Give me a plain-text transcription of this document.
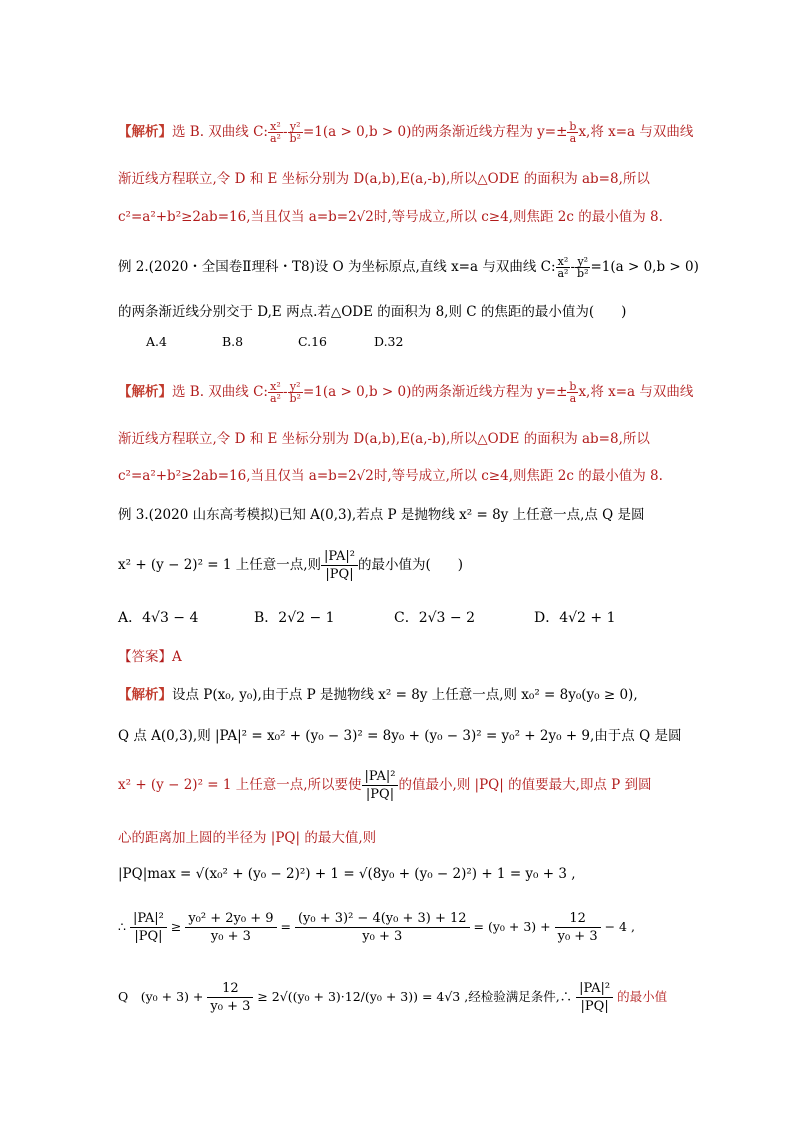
【解析】选 B. 双曲线 C: $\frac{\text{x²}}{\text{a²}} - \frac{\text{y²}}{\text{b²}} =1(a > 0,b > 0)$的两条渐近线方程为 $y=\pm \frac{b}{a} x$,将 x=a 与双曲线
渐近线方程联立,令 D 和 E 坐标分别为 D(a,b),E(a,-b),所以△ODE 的面积为 ab=8,所以
c²=a²+b²≥2ab=16,当且仅当 a=b=2√2时,等号成立,所以 c≥4,则焦距 2c 的最小值为 8.
例 2.(2020・全国卷Ⅱ理科・T8)设 O 为坐标原点,直线 x=a 与双曲线 C: $\frac{\text{x²}}{\text{a²}} - \frac{\text{y²}}{\text{b²}} =1(a > 0,b > 0)$
的两条渐近线分别交于 D,E 两点.若△ODE 的面积为 8,则 C 的焦距的最小值为(　　)
A.4	B.8	C.16	D.32
【解析】选 B. 双曲线 C: $\frac{\text{x²}}{\text{a²}} - \frac{\text{y²}}{\text{b²}} =1(a > 0,b > 0)$的两条渐近线方程为 $y=\pm \frac{b}{a} x$,将 x=a 与双曲线
渐近线方程联立,令 D 和 E 坐标分别为 D(a,b),E(a,-b),所以△ODE 的面积为 ab=8,所以
c²=a²+b²≥2ab=16,当且仅当 a=b=2√2时,等号成立,所以 c≥4,则焦距 2c 的最小值为 8.
例 3.(2020 山东高考模拟)已知 A(0,3),若点 P 是抛物线 x² = 8y 上任意一点,点 Q 是圆
x² + (y − 2)² = 1 上任意一点,则 $\frac{\text{|PA|²}}{|PQ|}$ 的最小值为(　　)
A．4√3 − 4	B．2√2 − 1	C．2√3 − 2	D．4√2 + 1
【答案】A
【解析】设点 P(x₀, y₀),由于点 P 是抛物线 x² = 8y 上任意一点,则 x₀² = 8y₀(y₀ ≥ 0),
Q 点 A(0,3),则 |PA|² = x₀² + (y₀ − 3)² = 8y₀ + (y₀ − 3)² = y₀² + 2y₀ + 9,由于点 Q 是圆
x² + (y − 2)² = 1 上任意一点,所以要使 $\frac{\text{|PA|²}}{|PQ|}$ 的值最小,则 |PQ| 的值要最大,即点 P 到圆
心的距离加上圆的半径为 |PQ| 的最大值,则
|PQ|max = √(x₀² + (y₀ − 2)²) + 1 = √(8y₀ + (y₀ − 2)²) + 1 = y₀ + 3 ,
∴ $\frac{\text{|PA|²}}{|PQ|} \ge \frac{\text{y₀² + 2y₀ + 9}}{\text{y₀ + 3}} = \frac{\text{(y₀ + 3)² − 4(y₀ + 3) + 12}}{\text{y₀ + 3}} = (y_0 + 3) + \frac{12}{\text{y₀ + 3}} - 4$ ,
Q　$(y_0 + 3) + \frac{12}{\text{y₀ + 3}} \ge 2√((y_0 + 3)\cdot 12/(y_0 + 3)) = 4√3$ ,经检验满足条件,∴ $\frac{\text{|PA|²}}{|PQ|}$ 的最小值
